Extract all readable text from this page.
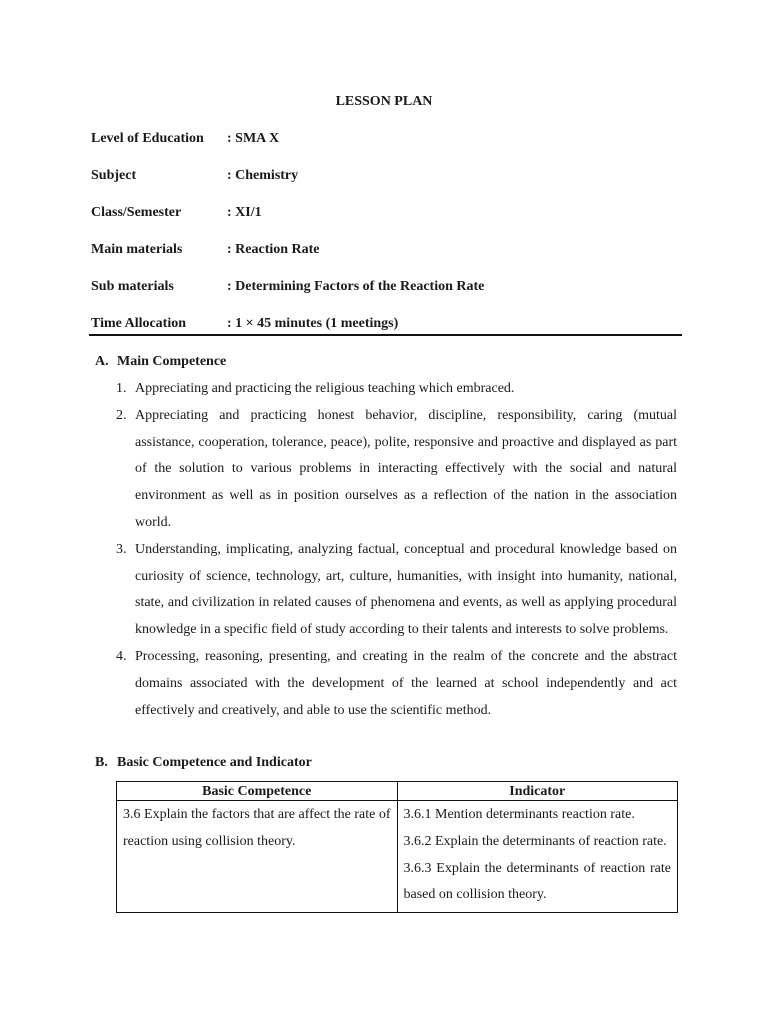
LESSON PLAN
Level of Education : SMA X
Subject	: Chemistry
Class/Semester	: XI/1
Main materials	: Reaction Rate
Sub materials	: Determining Factors of the Reaction Rate
Time Allocation	: 1 × 45 minutes (1 meetings)
A. Main Competence
1. Appreciating and practicing the religious teaching which embraced.
2. Appreciating and practicing honest behavior, discipline, responsibility, caring (mutual assistance, cooperation, tolerance, peace), polite, responsive and proactive and displayed as part of the solution to various problems in interacting effectively with the social and natural environment as well as in position ourselves as a reflection of the nation in the association world.
3. Understanding, implicating, analyzing factual, conceptual and procedural knowledge based on curiosity of science, technology, art, culture, humanities, with insight into humanity, national, state, and civilization in related causes of phenomena and events, as well as applying procedural knowledge in a specific field of study according to their talents and interests to solve problems.
4. Processing, reasoning, presenting, and creating in the realm of the concrete and the abstract domains associated with the development of the learned at school independently and act effectively and creatively, and able to use the scientific method.
B. Basic Competence and Indicator
Basic Competence	Indicator
3.6 Explain the factors that are affect the rate of reaction using collision theory.	3.6.1 Mention determinants reaction rate.
3.6.2 Explain the determinants of reaction rate.
3.6.3 Explain the determinants of reaction rate based on collision theory.
